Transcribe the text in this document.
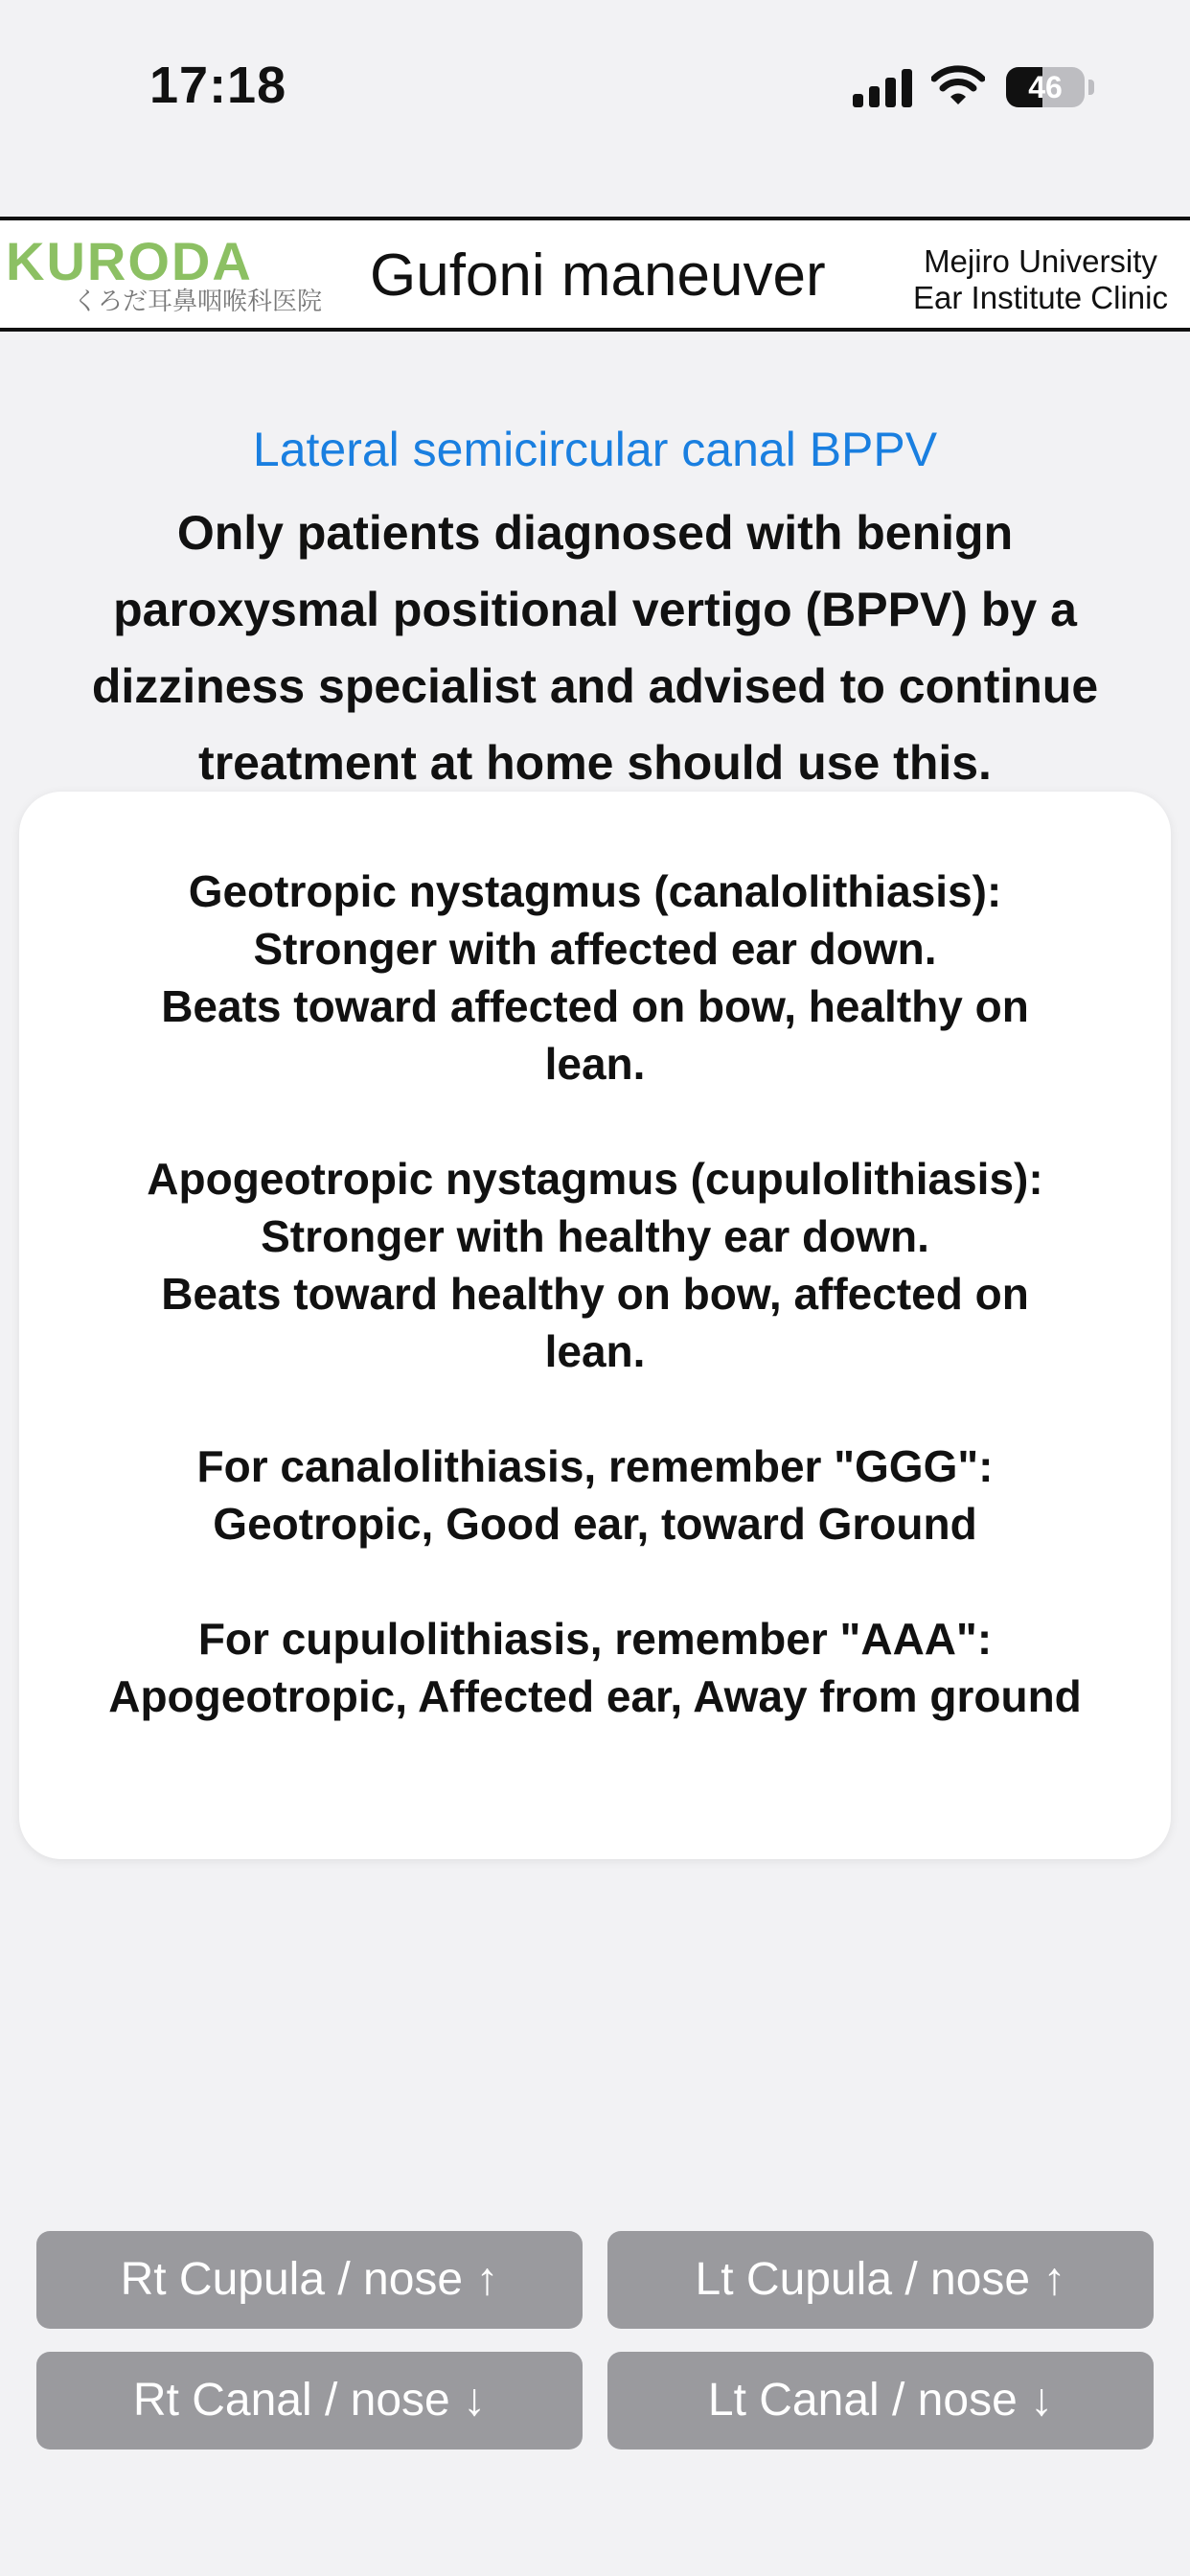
17:18	46
KURODA
くろだ耳鼻咽喉科医院 Gufoni maneuver	Mejiro University
Ear Institute Clinic
Lateral semicircular canal BPPV
Only patients diagnosed with benign paroxysmal positional vertigo (BPPV) by a dizziness specialist and advised to continue treatment at home should use this.
Geotropic nystagmus (canalolithiasis):
Stronger with affected ear down.
Beats toward affected on bow, healthy on lean.
Apogeotropic nystagmus (cupulolithiasis):
Stronger with healthy ear down.
Beats toward healthy on bow, affected on lean.
For canalolithiasis, remember "GGG":
Geotropic, Good ear, toward Ground
For cupulolithiasis, remember "AAA":
Apogeotropic, Affected ear, Away from ground
Rt Cupula / nose ↑	Lt Cupula / nose ↑
Rt Canal / nose ↓	Lt Canal / nose ↓
